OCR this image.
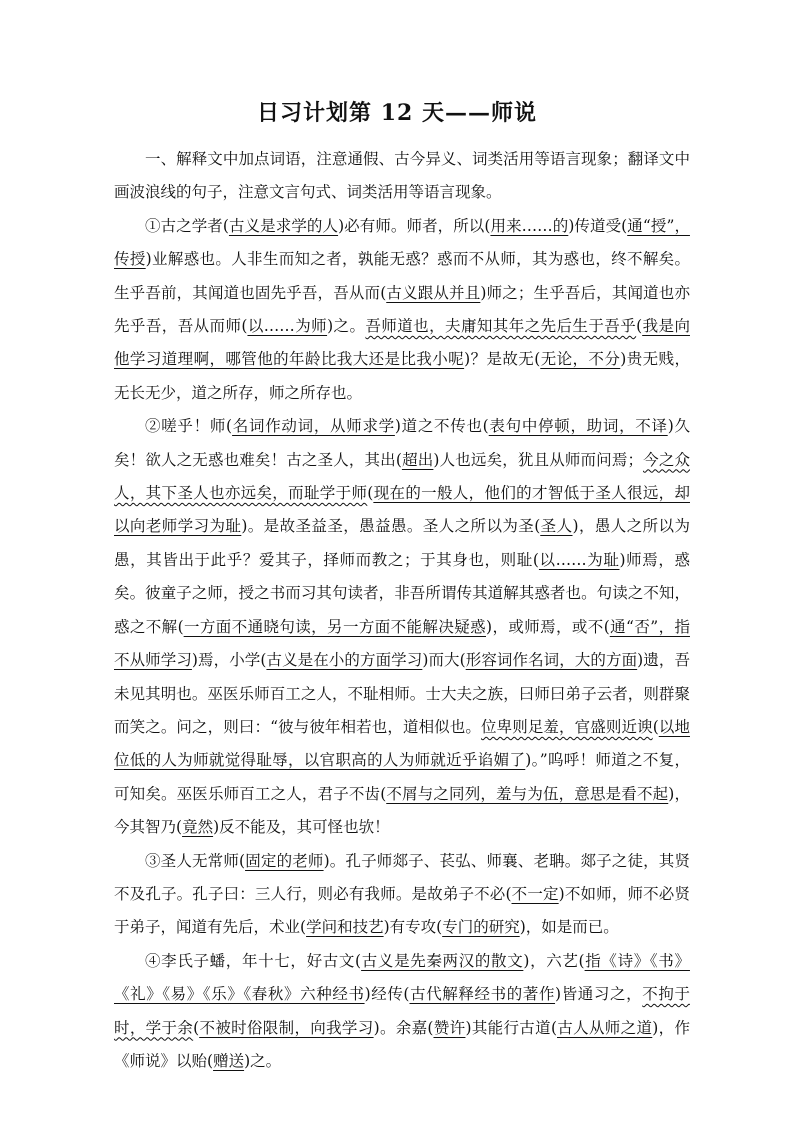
日习计划第 12 天——师说

一、解释文中加点词语，注意通假、古今异义、词类活用等语言现象；翻译文中画波浪线的句子，注意文言句式、词类活用等语言现象。

①古之学者(古义是求学的人)必有师。师者，所以(用来……的)传道受(通“授”，传授)业解惑也。人非生而知之者，孰能无惑？惑而不从师，其为惑也，终不解矣。生乎吾前，其闻道也固先乎吾，吾从而(古义跟从并且)师之；生乎吾后，其闻道也亦先乎吾，吾从而师(以……为师)之。吾师道也，夫庸知其年之先后生于吾乎(我是向他学习道理啊，哪管他的年龄比我大还是比我小呢)？是故无(无论，不分)贵无贱，无长无少，道之所存，师之所存也。

②嗟乎！师(名词作动词，从师求学)道之不传也(表句中停顿，助词，不译)久矣！欲人之无惑也难矣！古之圣人，其出(超出)人也远矣，犹且从师而问焉；今之众人，其下圣人也亦远矣，而耻学于师(现在的一般人，他们的才智低于圣人很远，却以向老师学习为耻)。是故圣益圣，愚益愚。圣人之所以为圣(圣人)，愚人之所以为愚，其皆出于此乎？爱其子，择师而教之；于其身也，则耻(以……为耻)师焉，惑矣。彼童子之师，授之书而习其句读者，非吾所谓传其道解其惑者也。句读之不知，惑之不解(一方面不通晓句读，另一方面不能解决疑惑)，或师焉，或不(通“否”，指不从师学习)焉，小学(古义是在小的方面学习)而大(形容词作名词，大的方面)遗，吾未见其明也。巫医乐师百工之人，不耻相师。士大夫之族，曰师曰弟子云者，则群聚而笑之。问之，则曰：“彼与彼年相若也，道相似也。位卑则足羞，官盛则近谀(以地位低的人为师就觉得耻辱，以官职高的人为师就近乎谄媚了)。”呜呼！师道之不复，可知矣。巫医乐师百工之人，君子不齿(不屑与之同列，羞与为伍，意思是看不起)，今其智乃(竟然)反不能及，其可怪也欤！

③圣人无常师(固定的老师)。孔子师郯子、苌弘、师襄、老聃。郯子之徒，其贤不及孔子。孔子曰：三人行，则必有我师。是故弟子不必(不一定)不如师，师不必贤于弟子，闻道有先后，术业(学问和技艺)有专攻(专门的研究)，如是而已。

④李氏子蟠，年十七，好古文(古义是先秦两汉的散文)，六艺(指《诗》《书》《礼》《易》《乐》《春秋》六种经书)经传(古代解释经书的著作)皆通习之，不拘于时，学于余(不被时俗限制，向我学习)。余嘉(赞许)其能行古道(古人从师之道)，作《师说》以贻(赠送)之。
